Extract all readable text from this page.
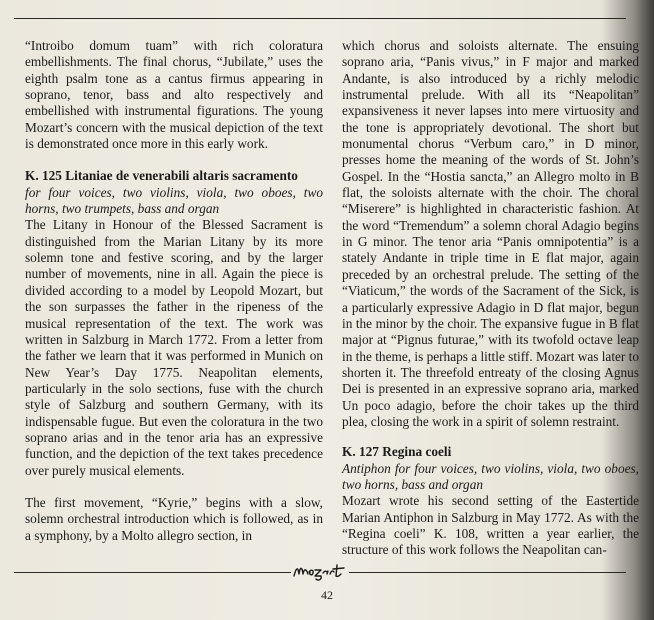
“Introibo domum tuam” with rich coloratura embellishments. The final chorus, “Jubilate,” uses the eighth psalm tone as a cantus firmus appearing in soprano, tenor, bass and alto respectively and embellished with instrumental figurations. The young Mozart’s concern with the musical depiction of the text is demonstrated once more in this early work.

K. 125 Litaniae de venerabili altaris sacramento

for four voices, two violins, viola, two oboes, two horns, two trumpets, bass and organ

The Litany in Honour of the Blessed Sacrament is distinguished from the Marian Litany by its more solemn tone and festive scoring, and by the larger number of movements, nine in all. Again the piece is divided according to a model by Leopold Mozart, but the son surpasses the father in the ripeness of the musical representation of the text. The work was written in Salzburg in March 1772. From a letter from the father we learn that it was performed in Munich on New Year’s Day 1775. Neapolitan elements, particularly in the solo sections, fuse with the church style of Salzburg and southern Germany, with its indispensable fugue. But even the coloratura in the two soprano arias and in the tenor aria has an expressive function, and the depiction of the text takes precedence over purely musical elements.

The first movement, “Kyrie,” begins with a slow, solemn orchestral introduction which is followed, as in a symphony, by a Molto allegro section, in

which chorus and soloists alternate. The ensuing soprano aria, “Panis vivus,” in F major and marked Andante, is also introduced by a richly melodic instrumental prelude. With all its “Neapolitan” expansiveness it never lapses into mere virtuosity and the tone is appropriately devotional. The short but monumental chorus “Verbum caro,” in D minor, presses home the meaning of the words of St. John’s Gospel. In the “Hostia sancta,” an Allegro molto in B flat, the soloists alternate with the choir. The choral “Miserere” is highlighted in characteristic fashion. At the word “Tremendum” a solemn choral Adagio begins in G minor. The tenor aria “Panis omnipotentia” is a stately Andante in triple time in E flat major, again preceded by an orchestral prelude. The setting of the “Viaticum,” the words of the Sacrament of the Sick, is a particularly expressive Adagio in D flat major, begun in the minor by the choir. The expansive fugue in B flat major at “Pignus futurae,” with its twofold octave leap in the theme, is perhaps a little stiff. Mozart was later to shorten it. The threefold entreaty of the closing Agnus Dei is presented in an expressive soprano aria, marked Un poco adagio, before the choir takes up the third plea, closing the work in a spirit of solemn restraint.

K. 127 Regina coeli

Antiphon for four voices, two violins, viola, two oboes, two horns, bass and organ

Mozart wrote his second setting of the Eastertide Marian Antiphon in Salzburg in May 1772. As with the “Regina coeli” K. 108, written a year earlier, the structure of this work follows the Neapolitan can-

42
